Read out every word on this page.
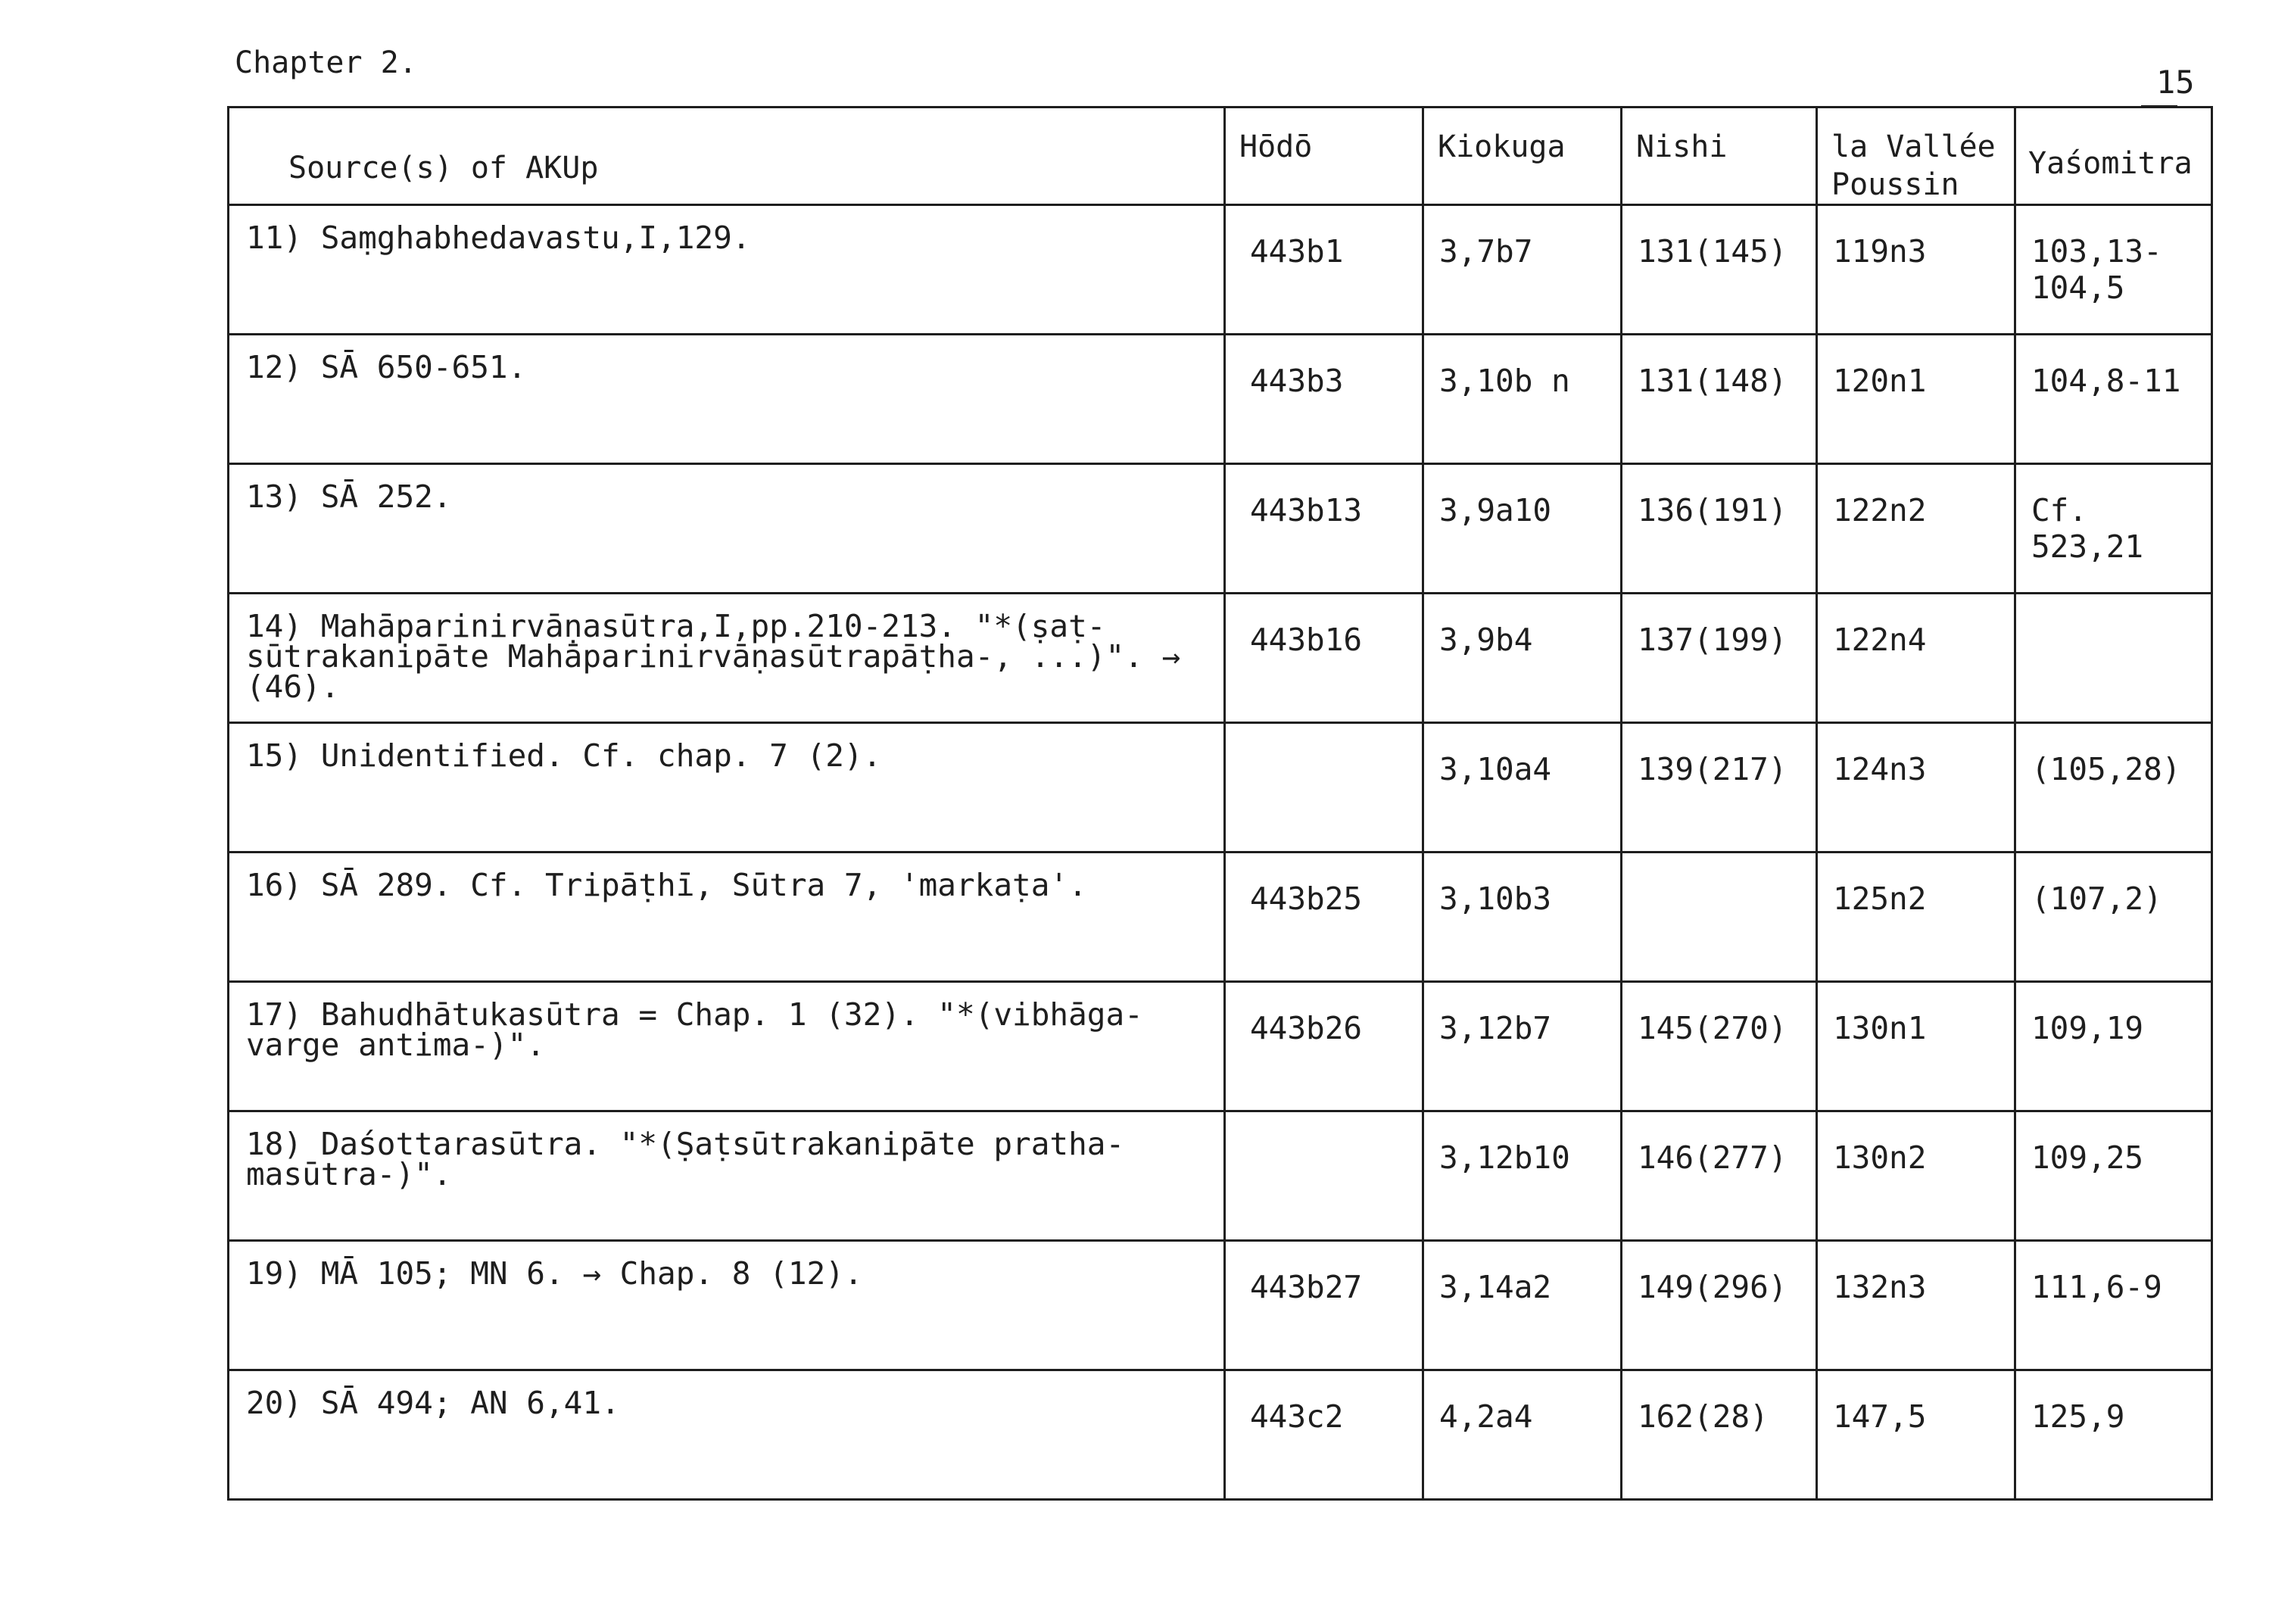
Chapter 2.
15
Source(s) of AKUp	Hōdō	Kiokuga	Nishi	la Vallée Poussin	Yaśomitra

11) Saṃghabhedavastu,I,129.	443b1	3,7b7	131(145)	119n3	103,13-104,5

12) SĀ 650-651.	443b3	3,10b n	131(148)	120n1	104,8-11

13) SĀ 252.	443b13	3,9a10	136(191)	122n2	Cf. 523,21

14) Mahāparinirvāṇasūtra,I,pp.210-213. "*(ṣaṭ-sūtrakanipāte Mahāparinirvāṇasūtrapāṭha-, ...)". → (46).	443b16	3,9b4	137(199)	122n4	

15) Unidentified. Cf. chap. 7 (2).		3,10a4	139(217)	124n3	(105,28)

16) SĀ 289. Cf. Tripāṭhī, Sūtra 7, 'markaṭa'.	443b25	3,10b3		125n2	(107,2)

17) Bahudhātukasūtra = Chap. 1 (32). "*(vibhāga-varge antima-)".	443b26	3,12b7	145(270)	130n1	109,19

18) Daśottarasūtra. "*(Ṣaṭsūtrakanipāte pratha-masūtra-)".		3,12b10	146(277)	130n2	109,25

19) MĀ 105; MN 6. → Chap. 8 (12).	443b27	3,14a2	149(296)	132n3	111,6-9

20) SĀ 494; AN 6,41.	443c2	4,2a4	162(28)	147,5	125,9
